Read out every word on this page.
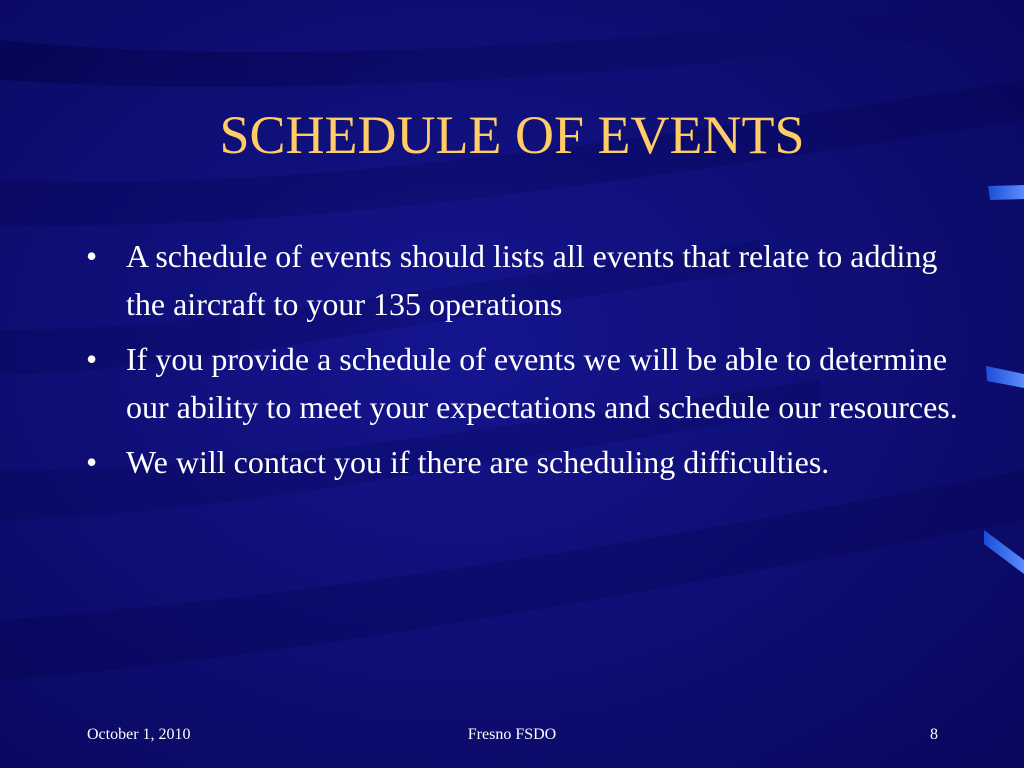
SCHEDULE OF EVENTS
• A schedule of events should lists all events that relate to adding the aircraft to your 135 operations
• If you provide a schedule of events we will be able to determine our ability to meet your expectations and schedule our resources.
• We will contact you if there are scheduling difficulties.
October 1, 2010	Fresno FSDO	8
